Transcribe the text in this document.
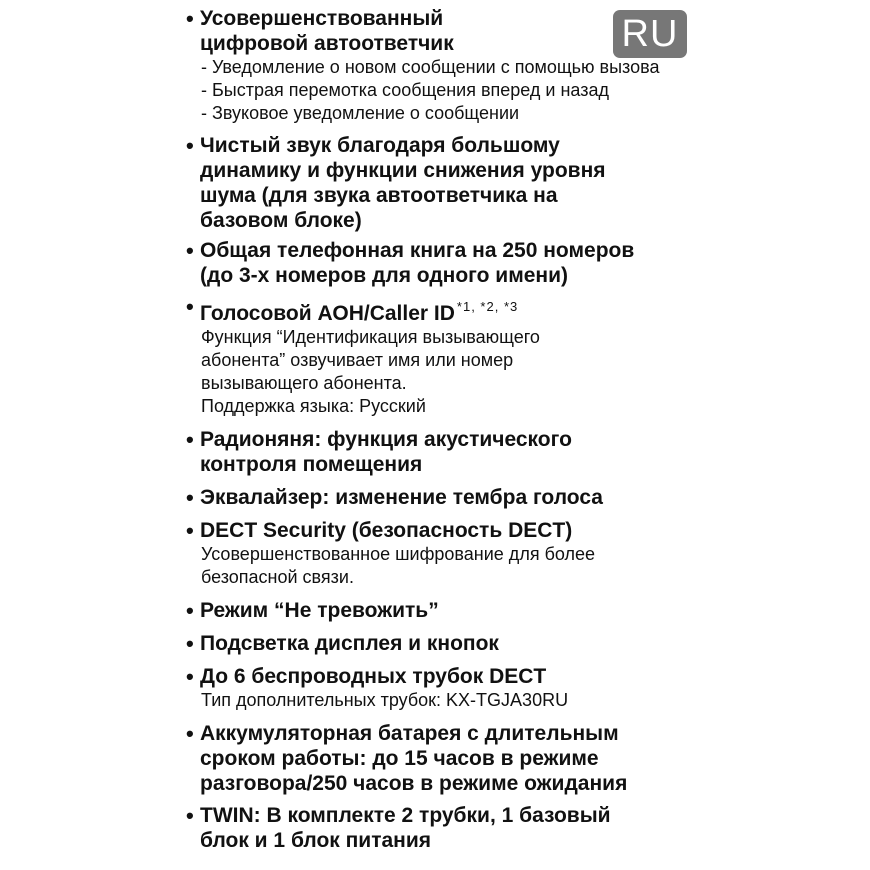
RU
• Усовершенствованный
цифровой автоответчик
- Уведомление о новом сообщении с помощью вызова
- Быстрая перемотка сообщения вперед и назад
- Звуковое уведомление о сообщении
• Чистый звук благодаря большому
динамику и функции снижения уровня
шума (для звука автоответчика на
базовом блоке)
• Общая телефонная книга на 250 номеров
(до 3-х номеров для одного имени)
• Голосовой АОН/Caller ID $^{*1, *2, *3}$
Функция “Идентификация вызывающего
абонента” озвучивает имя или номер
вызывающего абонента.
Поддержка языка: Русский
• Радионяня: функция акустического
контроля помещения
• Эквалайзер: изменение тембра голоса
• DECT Security (безопасность DECT)
Усовершенствованное шифрование для более
безопасной связи.
• Режим “Не тревожить”
• Подсветка дисплея и кнопок
• До 6 беспроводных трубок DECT
Тип дополнительных трубок: KX-TGJA30RU
• Аккумуляторная батарея с длительным
сроком работы: до 15 часов в режиме
разговора/250 часов в режиме ожидания
• TWIN: В комплекте 2 трубки, 1 базовый
блок и 1 блок питания
